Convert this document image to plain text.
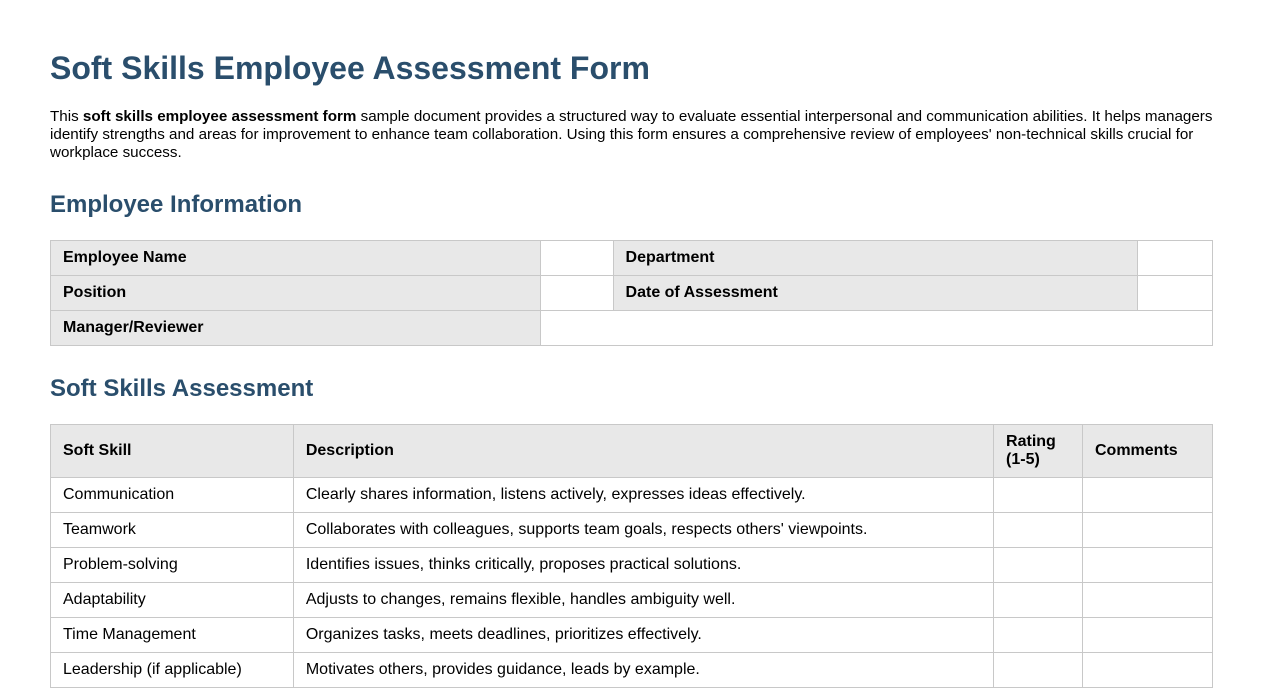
Soft Skills Employee Assessment Form

This soft skills employee assessment form sample document provides a structured way to evaluate essential interpersonal and communication abilities. It helps managers identify strengths and areas for improvement to enhance team collaboration. Using this form ensures a comprehensive review of employees' non-technical skills crucial for workplace success.

Employee Information
Employee Name		Department	
Position		Date of Assessment	
Manager/Reviewer			
Soft Skills Assessment
Soft Skill	Description	Rating (1-5)	Comments
Communication	Clearly shares information, listens actively, expresses ideas effectively.		
Teamwork	Collaborates with colleagues, supports team goals, respects others' viewpoints.		
Problem-solving	Identifies issues, thinks critically, proposes practical solutions.		
Adaptability	Adjusts to changes, remains flexible, handles ambiguity well.		
Time Management	Organizes tasks, meets deadlines, prioritizes effectively.		
Leadership (if applicable)	Motivates others, provides guidance, leads by example.		
